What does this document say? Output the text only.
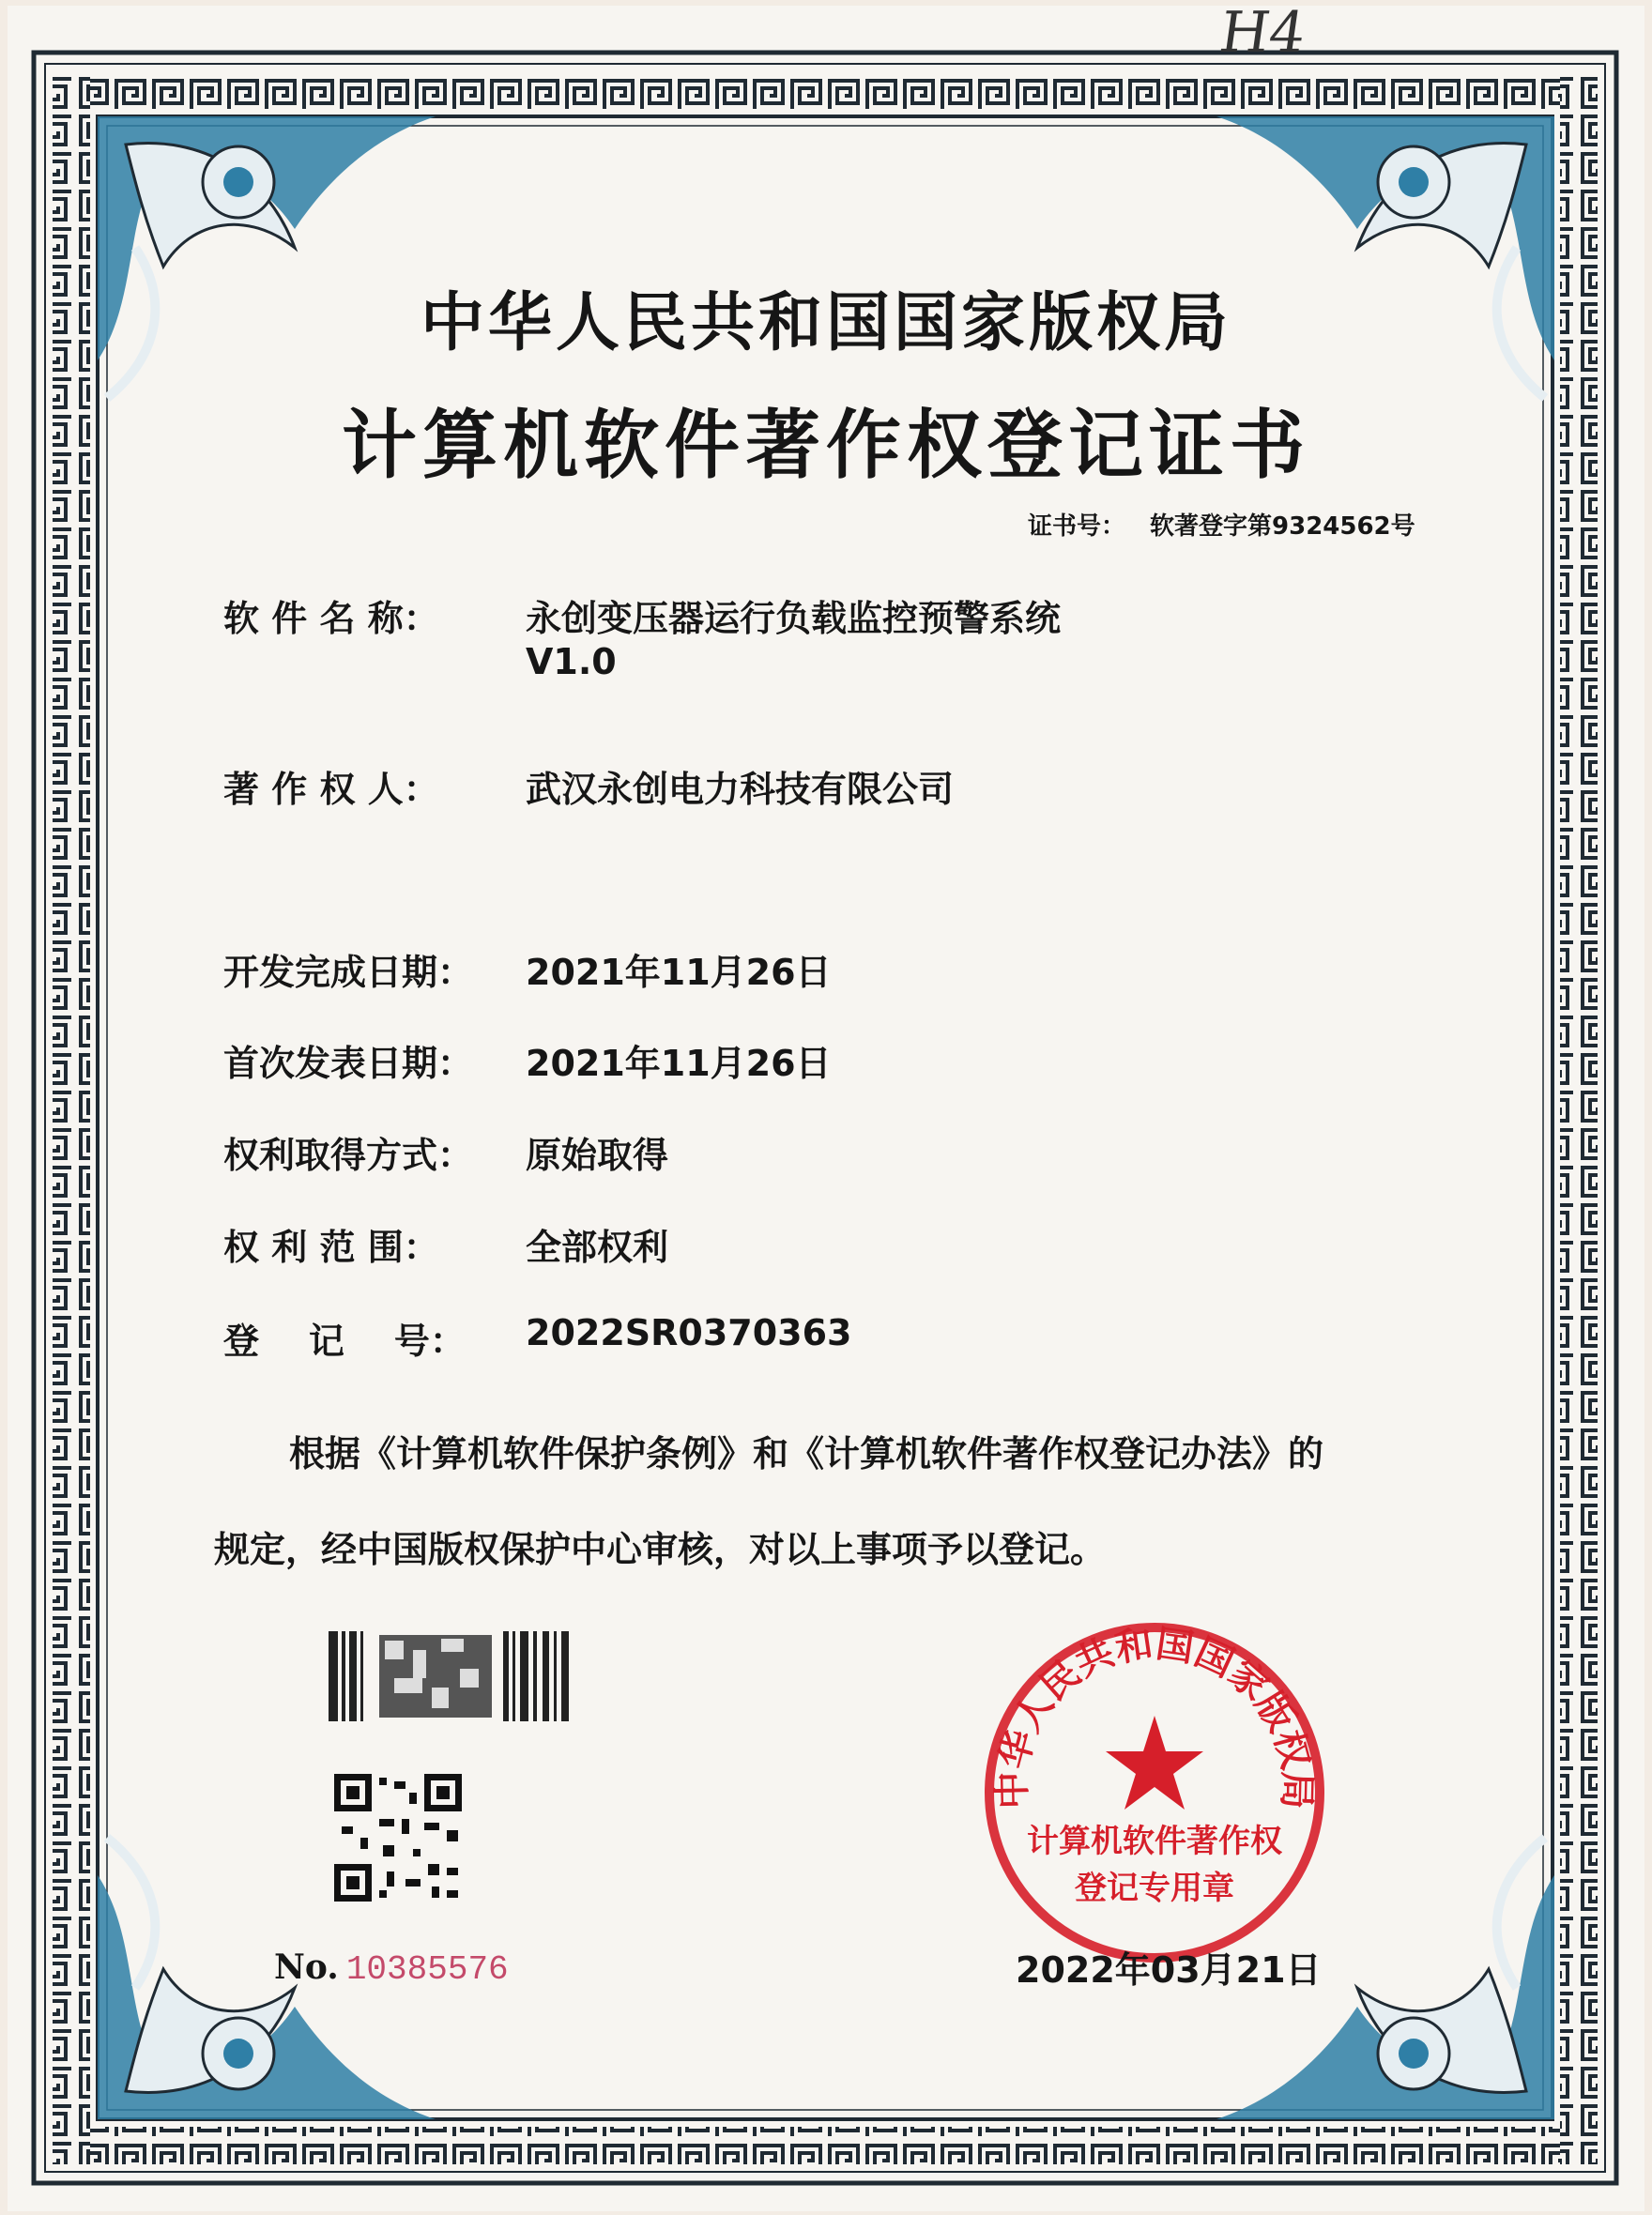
H4
中华人民共和国国家版权局
计算机软件著作权登记证书
证书号： 软著登字第9324562号
软 件 名 称： 永创变压器运行负载监控预警系统
V1.0
著 作 权 人： 武汉永创电力科技有限公司
开发完成日期： 2021年11月26日
首次发表日期： 2021年11月26日
权利取得方式： 原始取得
权 利 范 围： 全部权利
登    记    号： 2022SR0370363
根据《计算机软件保护条例》和《计算机软件著作权登记办法》的
规定，经中国版权保护中心审核，对以上事项予以登记。
No. 10385576
中华人民共和国国家版权局
计算机软件著作权
登记专用章
2022年03月21日
